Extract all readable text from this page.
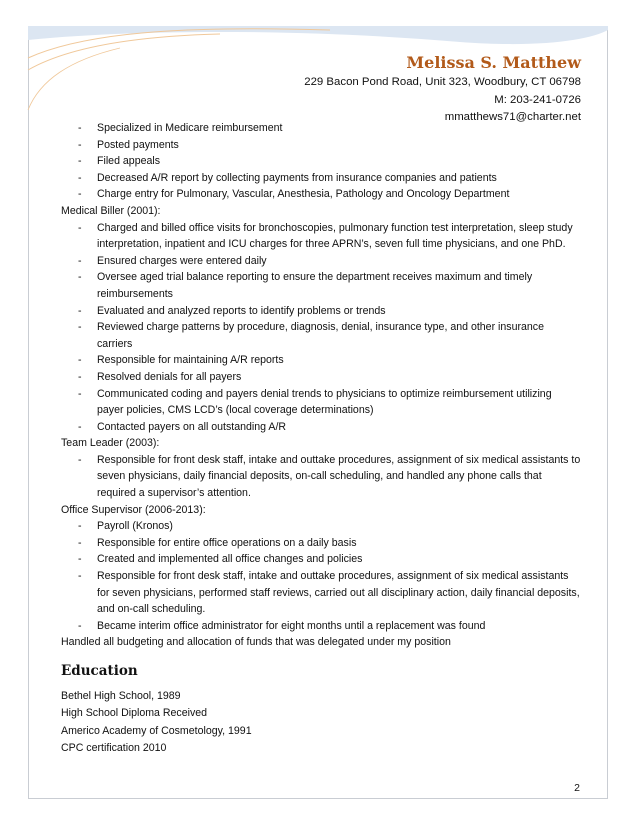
Melissa S. Matthew
229 Bacon Pond Road, Unit 323, Woodbury, CT 06798
M: 203-241-0726
mmatthews71@charter.net
- Specialized in Medicare reimbursement
- Posted payments
- Filed appeals
- Decreased A/R report by collecting payments from insurance companies and patients
- Charge entry for Pulmonary, Vascular, Anesthesia, Pathology and Oncology Department

Medical Biller (2001):

- Charged and billed office visits for bronchoscopies, pulmonary function test interpretation, sleep study interpretation, inpatient and ICU charges for three APRN’s, seven full time physicians, and one PhD.
- Ensured charges were entered daily
- Oversee aged trial balance reporting to ensure the department receives maximum and timely reimbursements
- Evaluated and analyzed reports to identify problems or trends
- Reviewed charge patterns by procedure, diagnosis, denial, insurance type, and other insurance carriers
- Responsible for maintaining A/R reports
- Resolved denials for all payers
- Communicated coding and payers denial trends to physicians to optimize reimbursement utilizing payer policies, CMS LCD’s (local coverage determinations)
- Contacted payers on all outstanding A/R

Team Leader (2003):

- Responsible for front desk staff, intake and outtake procedures, assignment of six medical assistants to seven physicians, daily financial deposits, on-call scheduling, and handled any phone calls that required a supervisor’s attention.

Office Supervisor (2006-2013):

- Payroll (Kronos)
- Responsible for entire office operations on a daily basis
- Created and implemented all office changes and policies
- Responsible for front desk staff, intake and outtake procedures, assignment of six medical assistants for seven physicians, performed staff reviews, carried out all disciplinary action, daily financial deposits, and on-call scheduling.
- Became interim office administrator for eight months until a replacement was found

Handled all budgeting and allocation of funds that was delegated under my position

Education

Bethel High School, 1989

High School Diploma Received

Americo Academy of Cosmetology, 1991

CPC certification 2010

2
